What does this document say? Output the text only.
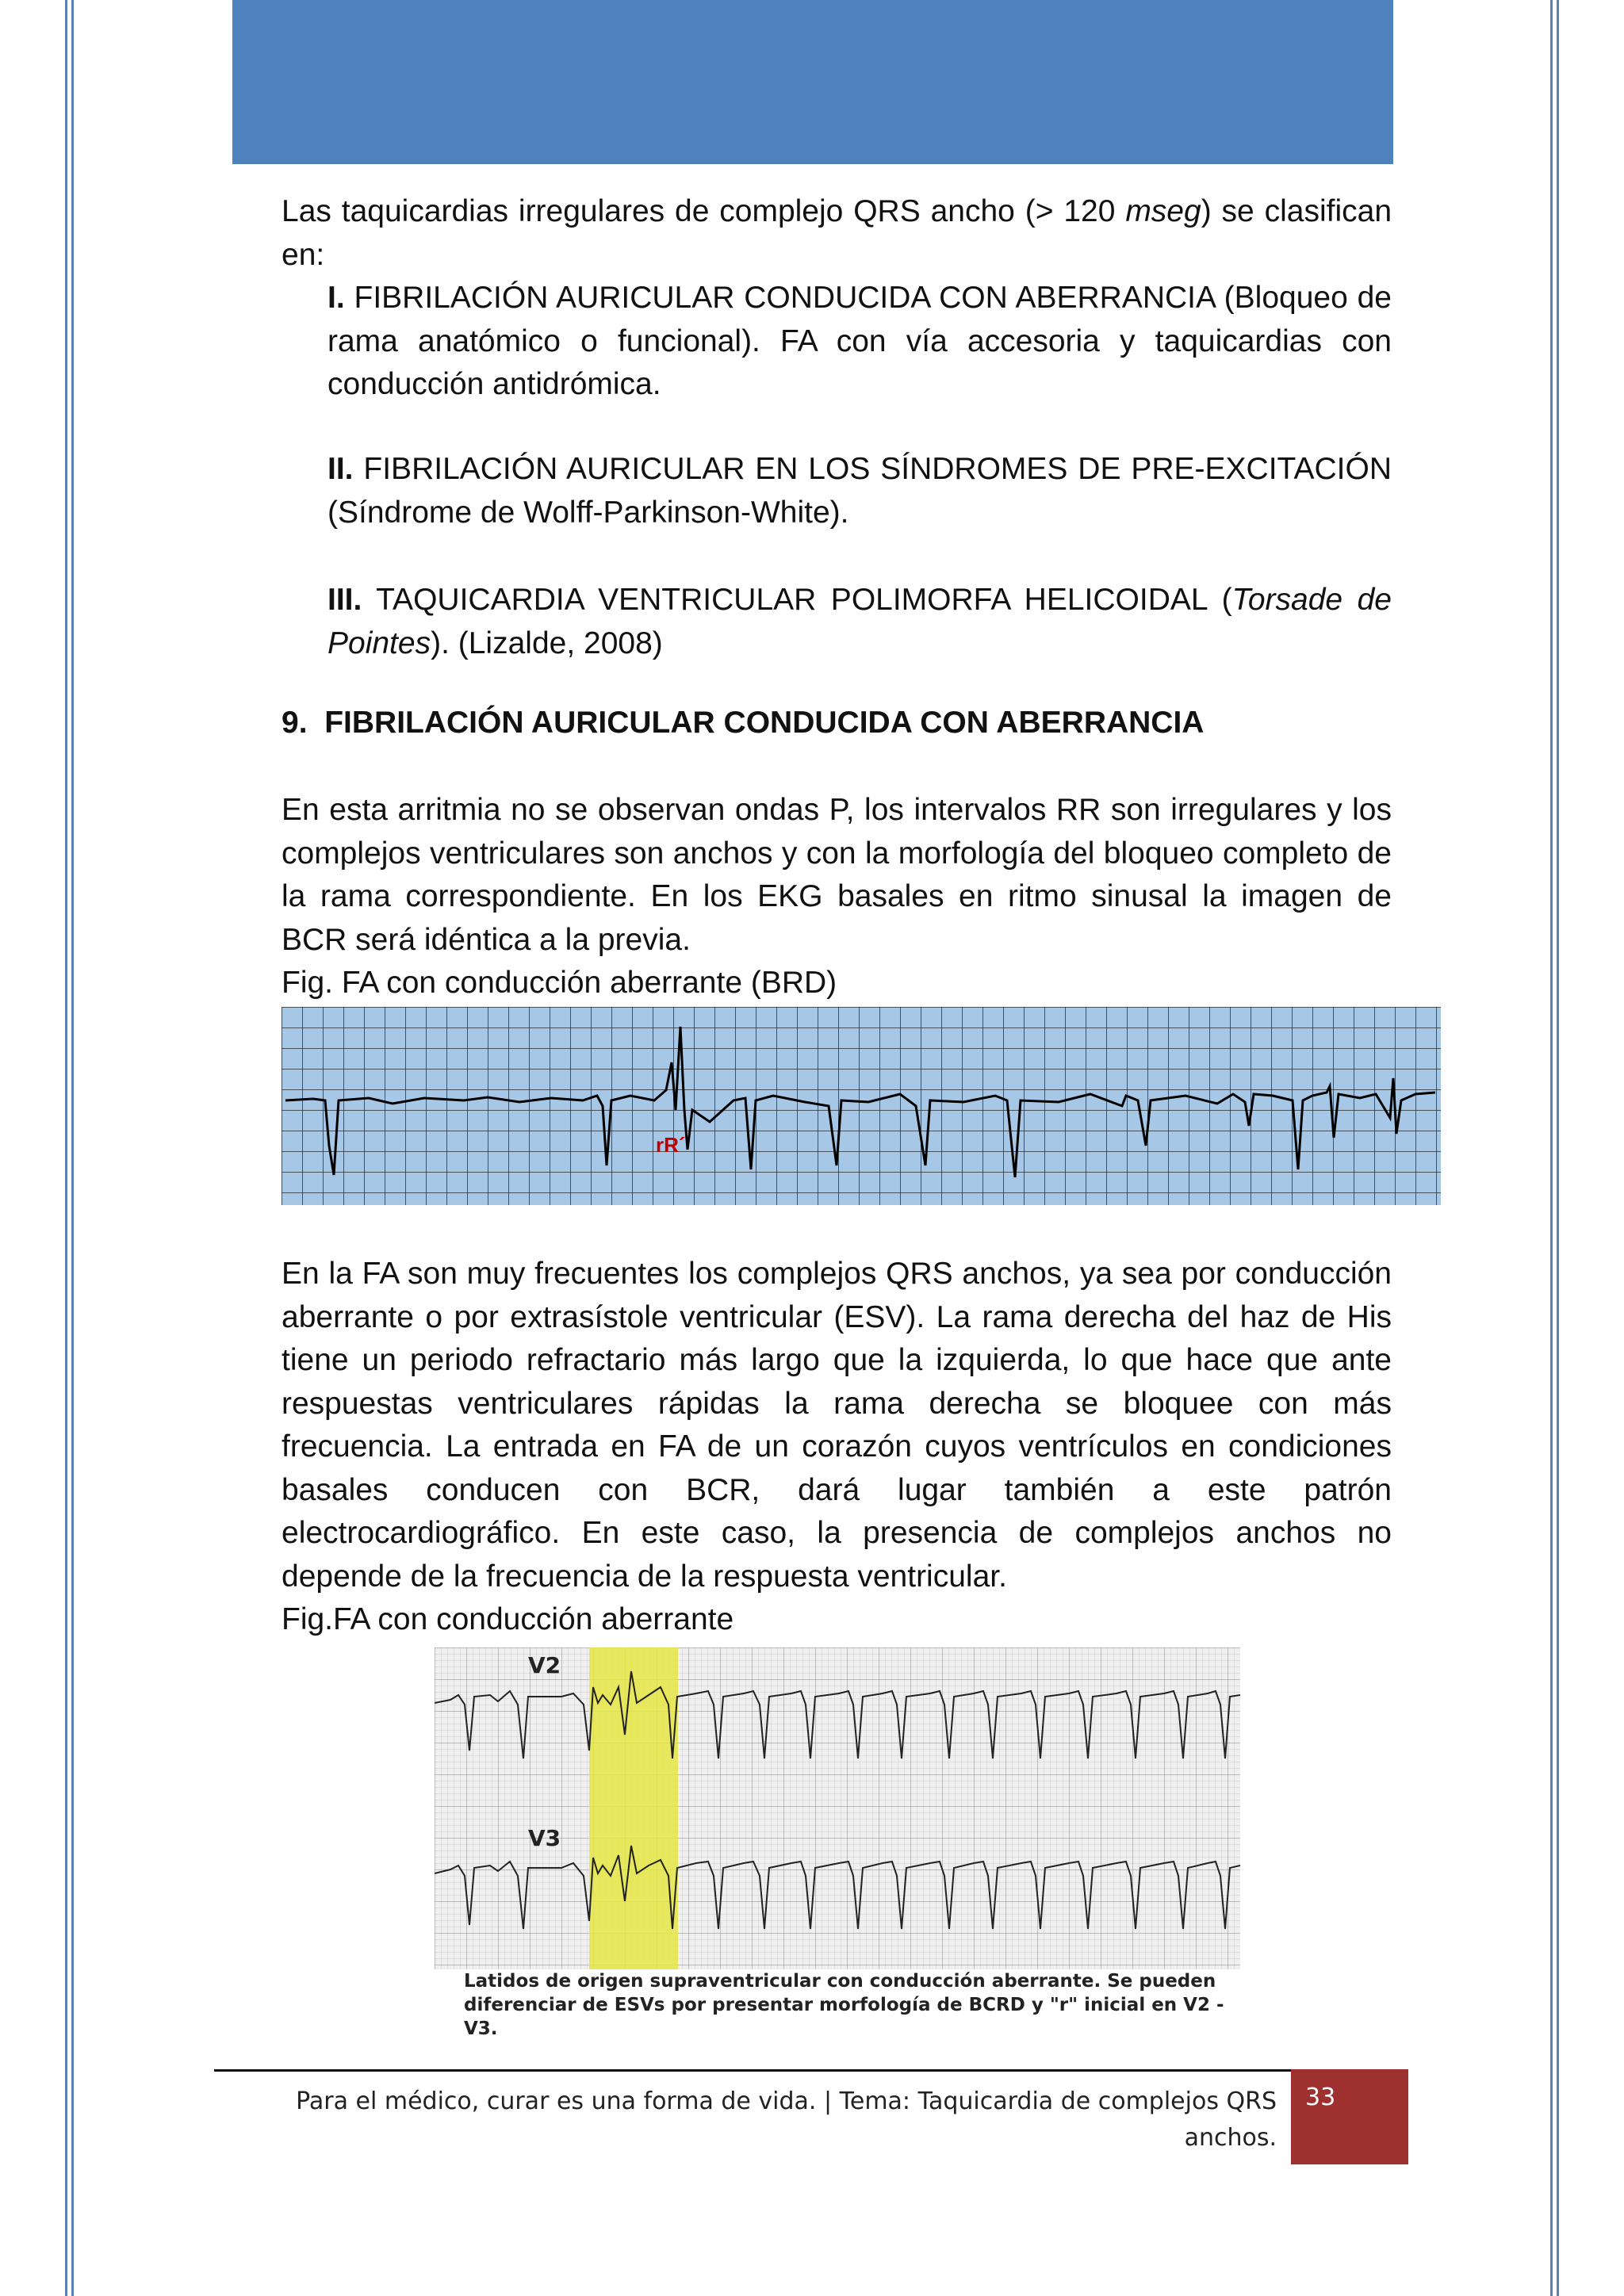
Las taquicardias irregulares de complejo QRS ancho (> 120 mseg) se clasifican en:

I. FIBRILACIÓN AURICULAR CONDUCIDA CON ABERRANCIA (Bloqueo de rama anatómico o funcional). FA con vía accesoria y taquicardias con conducción antidrómica.

II. FIBRILACIÓN AURICULAR EN LOS SÍNDROMES DE PRE-EXCITACIÓN (Síndrome de Wolff-Parkinson-White).

III. TAQUICARDIA VENTRICULAR POLIMORFA HELICOIDAL (Torsade de Pointes). (Lizalde, 2008)

9. FIBRILACIÓN AURICULAR CONDUCIDA CON ABERRANCIA

En esta arritmia no se observan ondas P, los intervalos RR son irregulares y los complejos ventriculares son anchos y con la morfología del bloqueo completo de la rama correspondiente. En los EKG basales en ritmo sinusal la imagen de BCR será idéntica a la previa.

Fig. FA con conducción aberrante (BRD)
rR´

En la FA son muy frecuentes los complejos QRS anchos, ya sea por conducción aberrante o por extrasístole ventricular (ESV). La rama derecha del haz de His tiene un periodo refractario más largo que la izquierda, lo que hace que ante respuestas ventriculares rápidas la rama derecha se bloquee con más frecuencia. La entrada en FA de un corazón cuyos ventrículos en condiciones basales conducen con BCR, dará lugar también a este patrón electrocardiográfico. En este caso, la presencia de complejos anchos no depende de la frecuencia de la respuesta ventricular.

Fig.FA con conducción aberrante
V2
V3
Latidos de origen supraventricular con conducción aberrante. Se pueden
diferenciar de ESVs por presentar morfología de BCRD y "r" inicial en V2 - V3.
Para el médico, curar es una forma de vida. | Tema: Taquicardia de complejos QRS
anchos.
33
